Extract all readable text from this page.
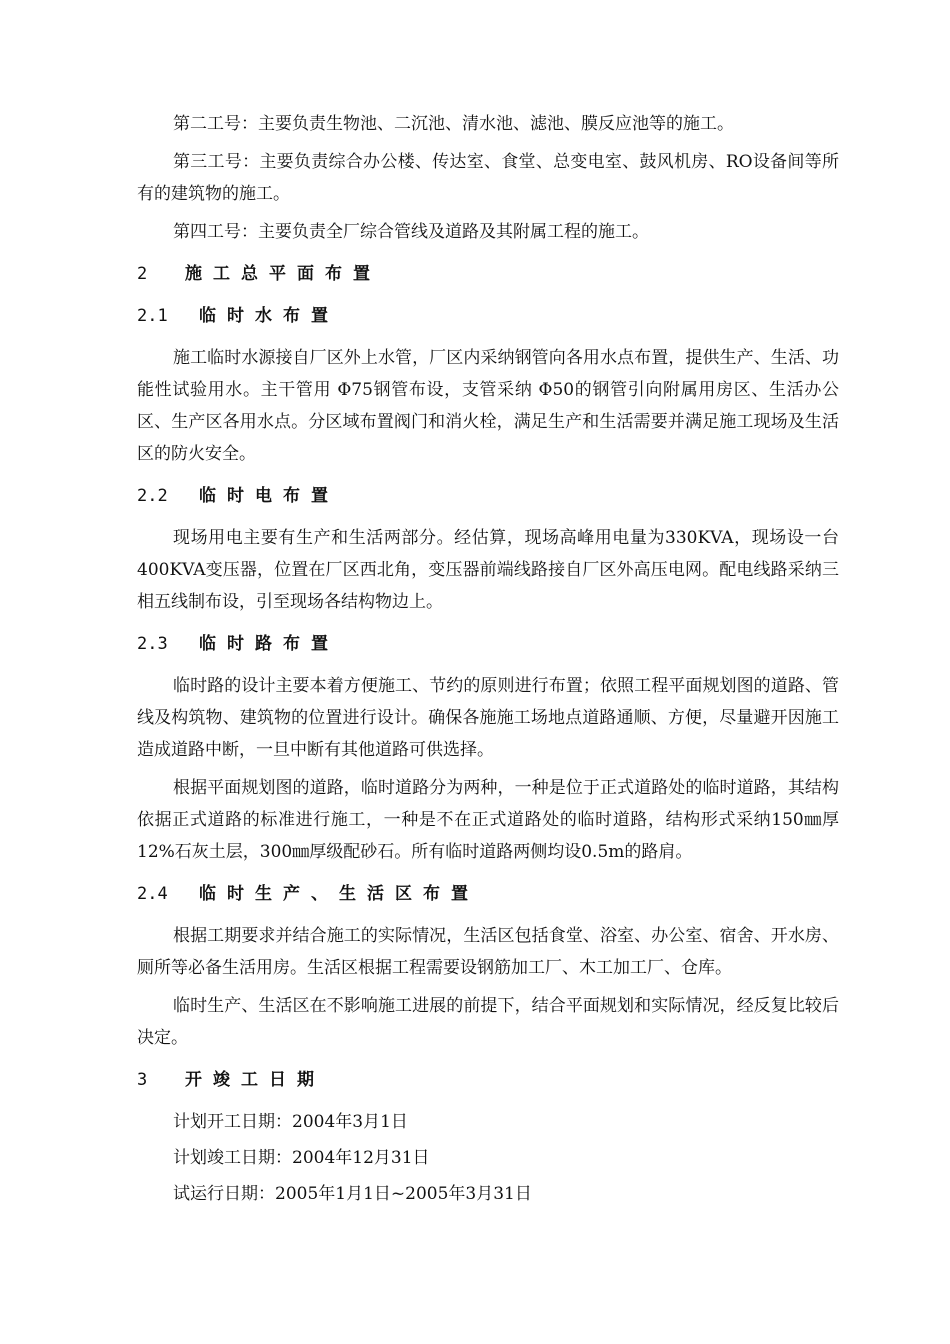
第二工号：主要负责生物池、二沉池、清水池、滤池、膜反应池等的施工。

第三工号：主要负责综合办公楼、传达室、食堂、总变电室、鼓风机房、RO设备间等所有的建筑物的施工。

第四工号：主要负责全厂综合管线及道路及其附属工程的施工。

2	施工总平面布置
2.1	临时水布置

施工临时水源接自厂区外上水管，厂区内采纳钢管向各用水点布置，提供生产、生活、功能性试验用水。主干管用 Φ75钢管布设，支管采纳 Φ50的钢管引向附属用房区、生活办公区、生产区各用水点。分区域布置阀门和消火栓，满足生产和生活需要并满足施工现场及生活区的防火安全。

2.2	临时电布置

现场用电主要有生产和生活两部分。经估算，现场高峰用电量为330KVA，现场设一台400KVA变压器，位置在厂区西北角，变压器前端线路接自厂区外高压电网。配电线路采纳三相五线制布设，引至现场各结构物边上。

2.3	临时路布置

临时路的设计主要本着方便施工、节约的原则进行布置；依照工程平面规划图的道路、管线及构筑物、建筑物的位置进行设计。确保各施施工场地点道路通顺、方便，尽量避开因施工造成道路中断，一旦中断有其他道路可供选择。

根据平面规划图的道路，临时道路分为两种，一种是位于正式道路处的临时道路，其结构依据正式道路的标准进行施工，一种是不在正式道路处的临时道路，结构形式采纳150㎜厚12%石灰土层，300㎜厚级配砂石。所有临时道路两侧均设0.5m的路肩。

2.4	临时生产、生活区布置

根据工期要求并结合施工的实际情况，生活区包括食堂、浴室、办公室、宿舍、开水房、厕所等必备生活用房。生活区根据工程需要设钢筋加工厂、木工加工厂、仓库。

临时生产、生活区在不影响施工进展的前提下，结合平面规划和实际情况，经反复比较后决定。

3	开竣工日期

计划开工日期：2004年3月1日

计划竣工日期：2004年12月31日

试运行日期：2005年1月1日~2005年3月31日
